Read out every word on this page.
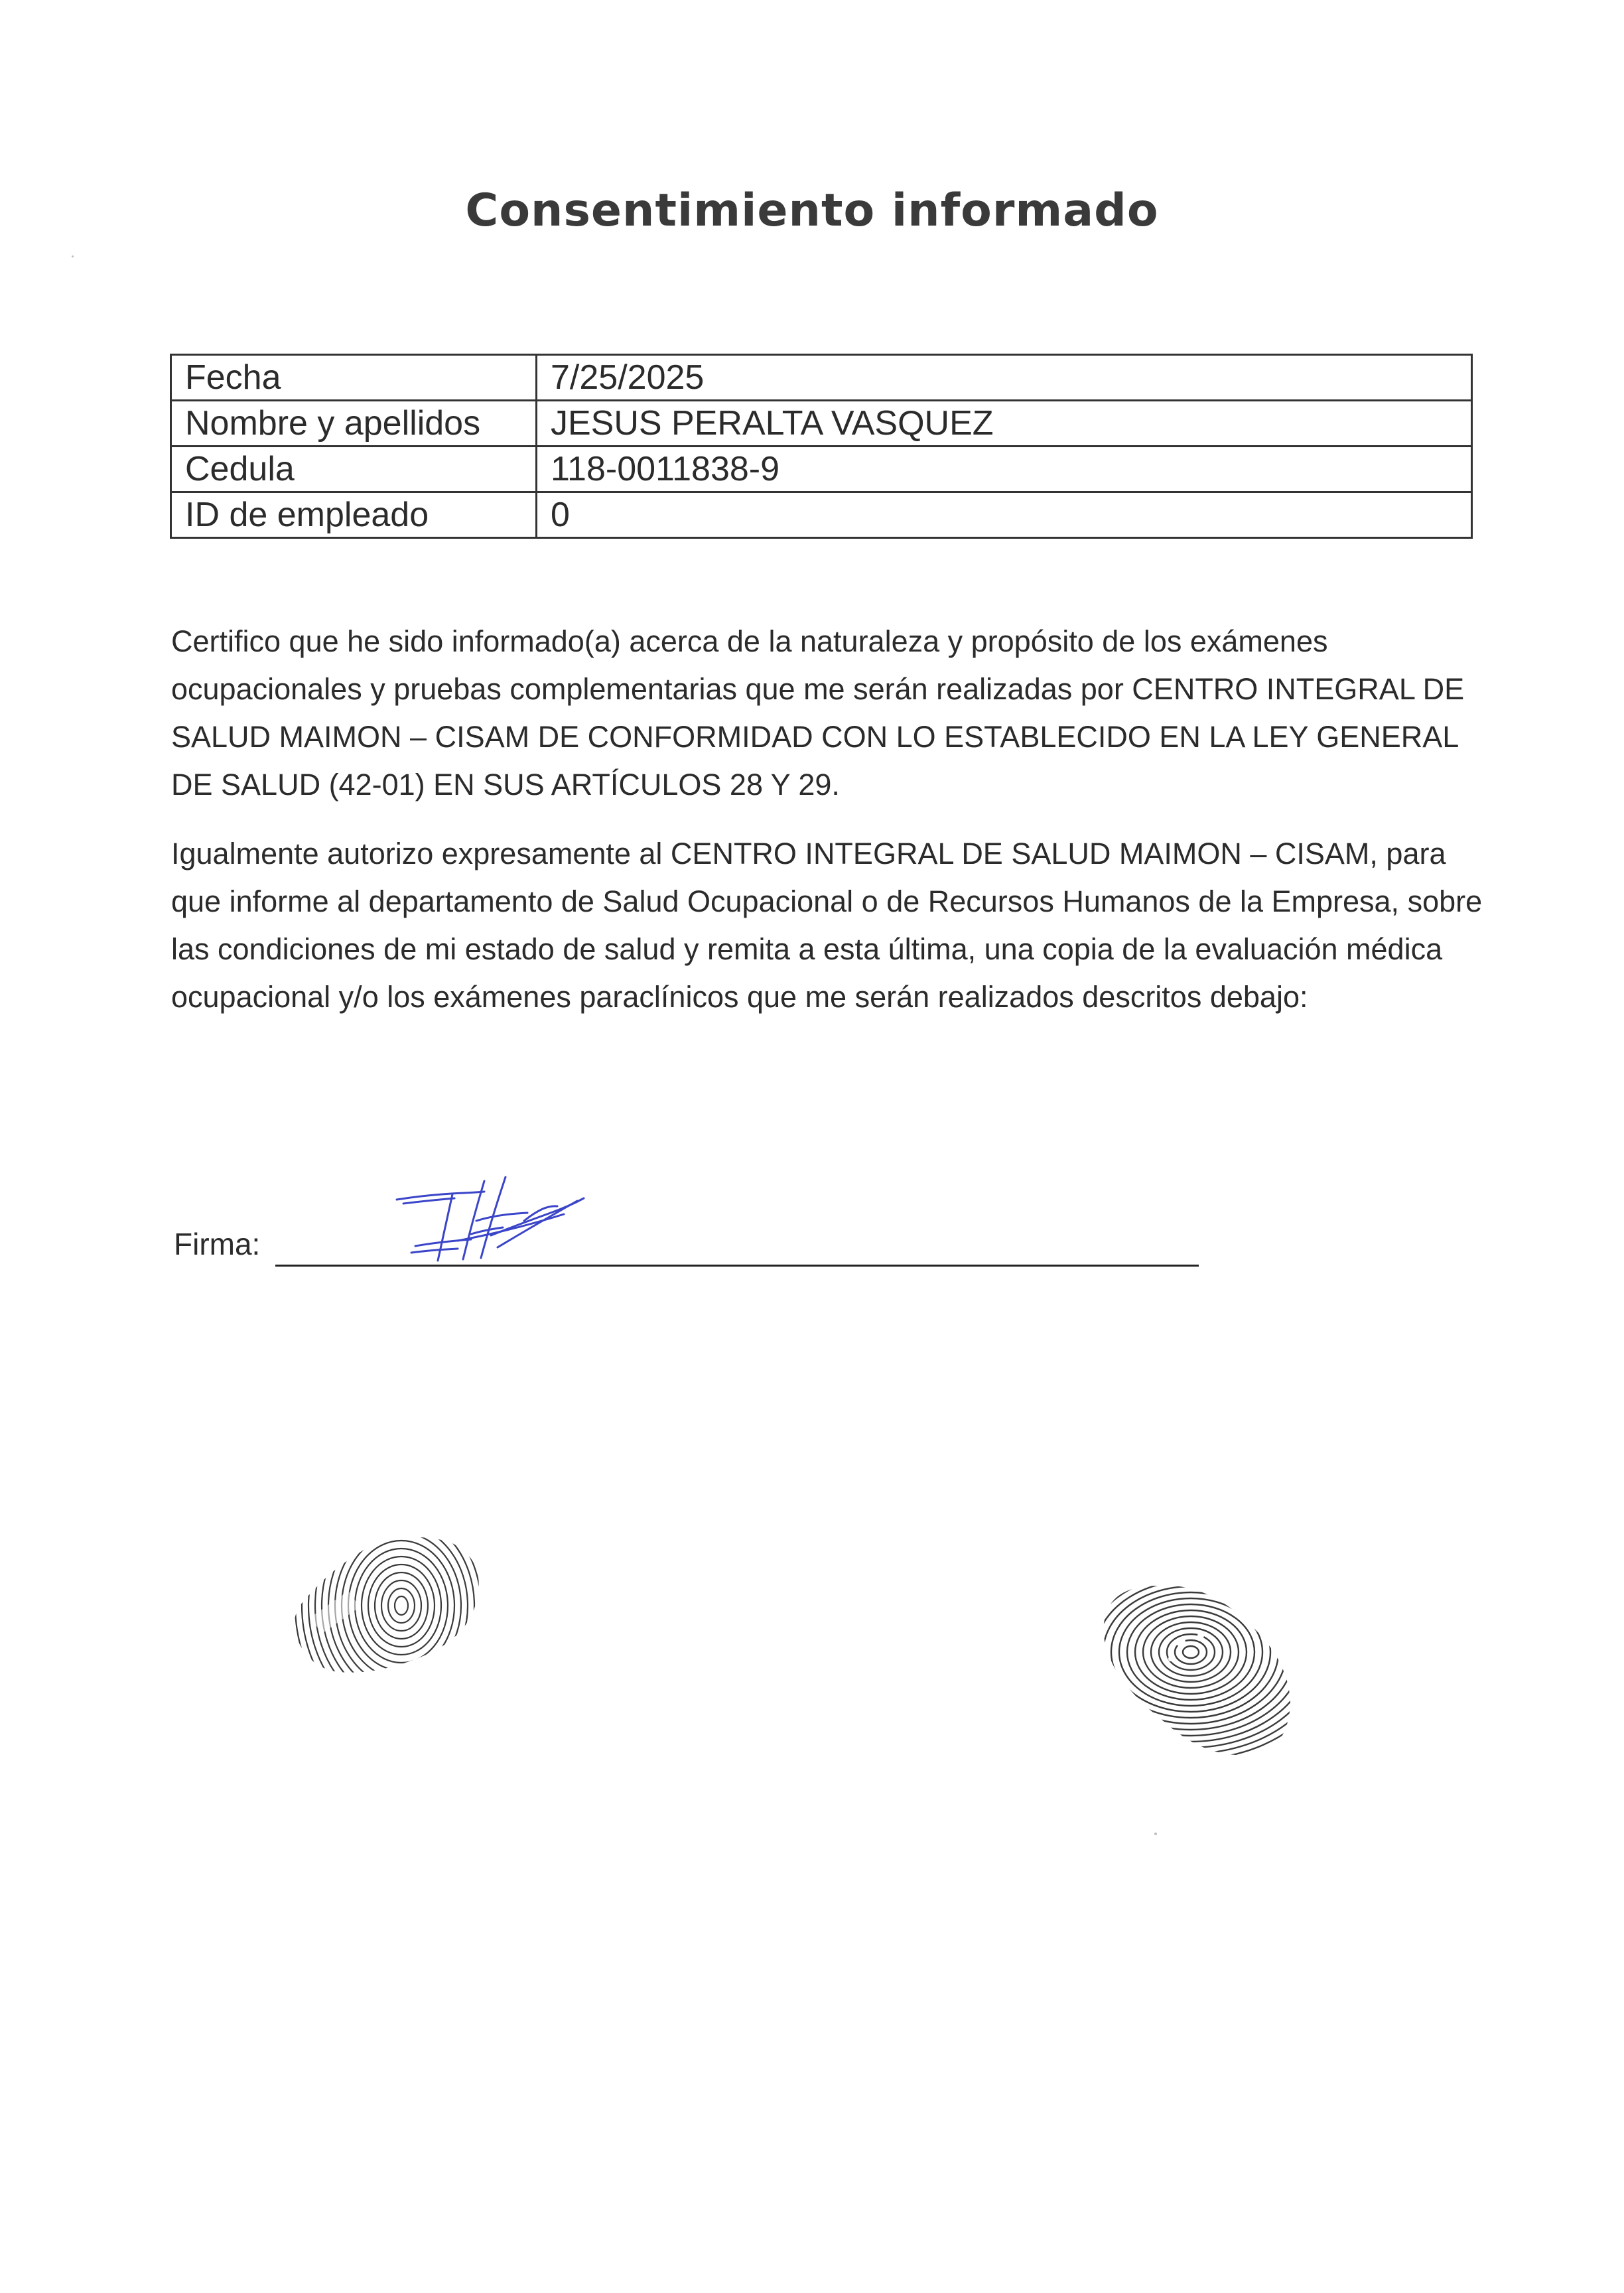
Consentimiento informado
Fecha	7/25/2025
Nombre y apellidos	JESUS PERALTA VASQUEZ
Cedula	118-0011838-9
ID de empleado	0

Certifico que he sido informado(a) acerca de la naturaleza y propósito de los exámenes ocupacionales y pruebas complementarias que me serán realizadas por CENTRO INTEGRAL DE SALUD MAIMON – CISAM DE CONFORMIDAD CON LO ESTABLECIDO EN LA LEY GENERAL DE SALUD (42-01) EN SUS ARTÍCULOS 28 Y 29.

Igualmente autorizo expresamente al CENTRO INTEGRAL DE SALUD MAIMON – CISAM, para que informe al departamento de Salud Ocupacional o de Recursos Humanos de la Empresa, sobre las condiciones de mi estado de salud y remita a esta última, una copia de la evaluación médica ocupacional y/o los exámenes paraclínicos que me serán realizados descritos debajo:

Firma:
